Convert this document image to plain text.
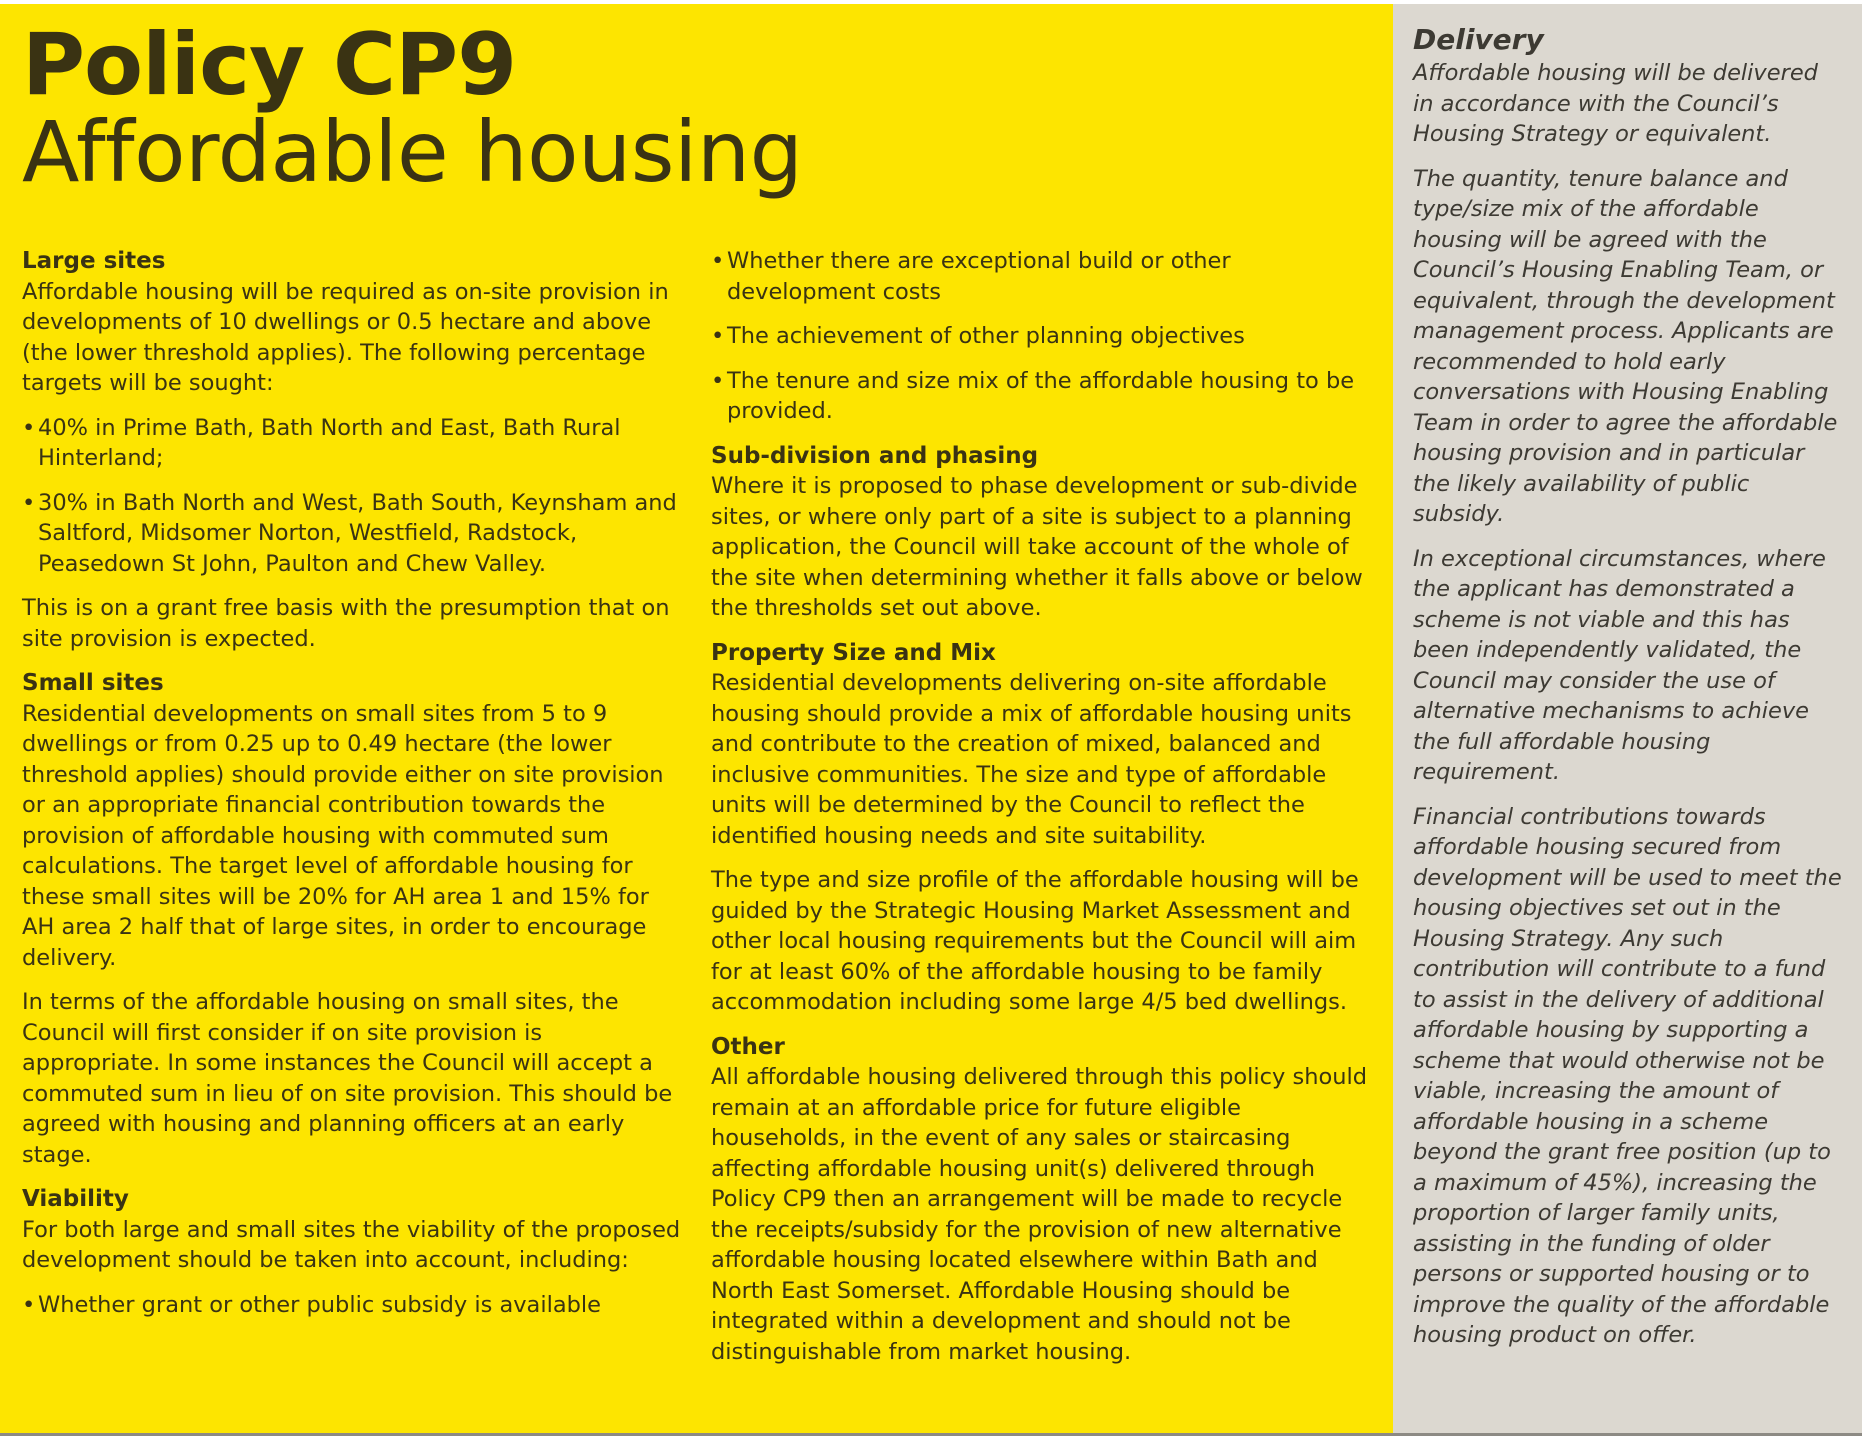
Policy CP9
Affordable housing
Large sites

Affordable housing will be required as on-site provision in developments of 10 dwellings or 0.5 hectare and above (the lower threshold applies). The following percentage targets will be sought:

• 40% in Prime Bath, Bath North and East, Bath Rural Hinterland;
• 30% in Bath North and West, Bath South, Keynsham and Saltford, Midsomer Norton, Westfield, Radstock, Peasedown St John, Paulton and Chew Valley.

This is on a grant free basis with the presumption that on site provision is expected.

Small sites

Residential developments on small sites from 5 to 9 dwellings or from 0.25 up to 0.49 hectare (the lower threshold applies) should provide either on site provision or an appropriate financial contribution towards the provision of affordable housing with commuted sum calculations. The target level of affordable housing for these small sites will be 20% for AH area 1 and 15% for AH area 2 half that of large sites, in order to encourage delivery.

In terms of the affordable housing on small sites, the Council will first consider if on site provision is appropriate. In some instances the Council will accept a commuted sum in lieu of on site provision. This should be agreed with housing and planning officers at an early stage.

Viability

For both large and small sites the viability of the proposed development should be taken into account, including:

• Whether grant or other public subsidy is available
• Whether there are exceptional build or other development costs
• The achievement of other planning objectives
• The tenure and size mix of the affordable housing to be provided.
Sub-division and phasing

Where it is proposed to phase development or sub-divide sites, or where only part of a site is subject to a planning application, the Council will take account of the whole of the site when determining whether it falls above or below the thresholds set out above.

Property Size and Mix

Residential developments delivering on-site affordable housing should provide a mix of affordable housing units and contribute to the creation of mixed, balanced and inclusive communities. The size and type of affordable units will be determined by the Council to reflect the identified housing needs and site suitability.

The type and size profile of the affordable housing will be guided by the Strategic Housing Market Assessment and other local housing requirements but the Council will aim for at least 60% of the affordable housing to be family accommodation including some large 4/5 bed dwellings.

Other

All affordable housing delivered through this policy should remain at an affordable price for future eligible households, in the event of any sales or staircasing affecting affordable housing unit(s) delivered through Policy CP9 then an arrangement will be made to recycle the receipts/subsidy for the provision of new alternative affordable housing located elsewhere within Bath and North East Somerset. Affordable Housing should be integrated within a development and should not be distinguishable from market housing.

Delivery

Affordable housing will be delivered in accordance with the Council’s Housing Strategy or equivalent.

The quantity, tenure balance and type/size mix of the affordable housing will be agreed with the Council’s Housing Enabling Team, or equivalent, through the development management process. Applicants are recommended to hold early conversations with Housing Enabling Team in order to agree the affordable housing provision and in particular the likely availability of public subsidy.

In exceptional circumstances, where the applicant has demonstrated a scheme is not viable and this has been independently validated, the Council may consider the use of alternative mechanisms to achieve the full affordable housing requirement.

Financial contributions towards affordable housing secured from development will be used to meet the housing objectives set out in the Housing Strategy. Any such contribution will contribute to a fund to assist in the delivery of additional affordable housing by supporting a scheme that would otherwise not be viable, increasing the amount of affordable housing in a scheme beyond the grant free position (up to a maximum of 45%), increasing the proportion of larger family units, assisting in the funding of older persons or supported housing or to improve the quality of the affordable housing product on offer.
